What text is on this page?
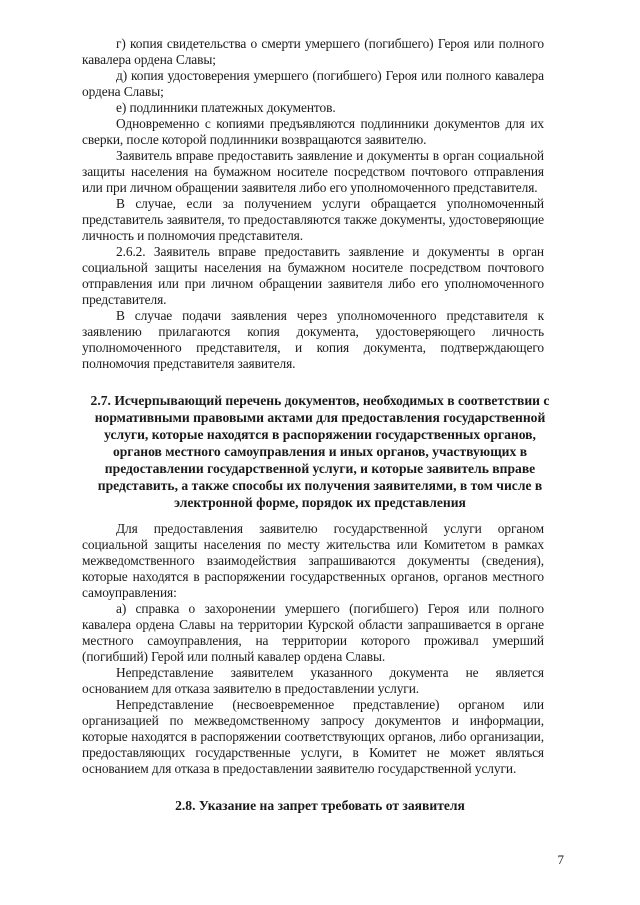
г) копия свидетельства о смерти умершего (погибшего) Героя или полного кавалера ордена Славы;

д) копия удостоверения умершего (погибшего) Героя или полного кавалера ордена Славы;

е) подлинники платежных документов.

Одновременно с копиями предъявляются подлинники документов для их сверки, после которой подлинники возвращаются заявителю.

Заявитель вправе предоставить заявление и документы в орган социальной защиты населения на бумажном носителе посредством почтового отправления или при личном обращении заявителя либо его уполномоченного представителя.

В случае, если за получением услуги обращается уполномоченный представитель заявителя, то предоставляются также документы, удостоверяющие личность и полномочия представителя.

2.6.2. Заявитель вправе предоставить заявление и документы в орган социальной защиты населения на бумажном носителе посредством почтового отправления или при личном обращении заявителя либо его уполномоченного представителя.

В случае подачи заявления через уполномоченного представителя к заявлению прилагаются копия документа, удостоверяющего личность уполномоченного представителя, и копия документа, подтверждающего полномочия представителя заявителя.

2.7. Исчерпывающий перечень документов, необходимых в соответствии с нормативными правовыми актами для предоставления государственной услуги, которые находятся в распоряжении государственных органов, органов местного самоуправления и иных органов, участвующих в предоставлении государственной услуги, и которые заявитель вправе представить, а также способы их получения заявителями, в том числе в электронной форме, порядок их представления

Для предоставления заявителю государственной услуги органом социальной защиты населения по месту жительства или Комитетом в рамках межведомственного взаимодействия запрашиваются документы (сведения), которые находятся в распоряжении государственных органов, органов местного самоуправления:

а) справка о захоронении умершего (погибшего) Героя или полного кавалера ордена Славы на территории Курской области запрашивается в органе местного самоуправления, на территории которого проживал умерший (погибший) Герой или полный кавалер ордена Славы.

Непредставление заявителем указанного документа не является основанием для отказа заявителю в предоставлении услуги.

Непредставление (несвоевременное представление) органом или организацией по межведомственному запросу документов и информации, которые находятся в распоряжении соответствующих органов, либо организации, предоставляющих государственные услуги, в Комитет не может являться основанием для отказа в предоставлении заявителю государственной услуги.

2.8. Указание на запрет требовать от заявителя
7
